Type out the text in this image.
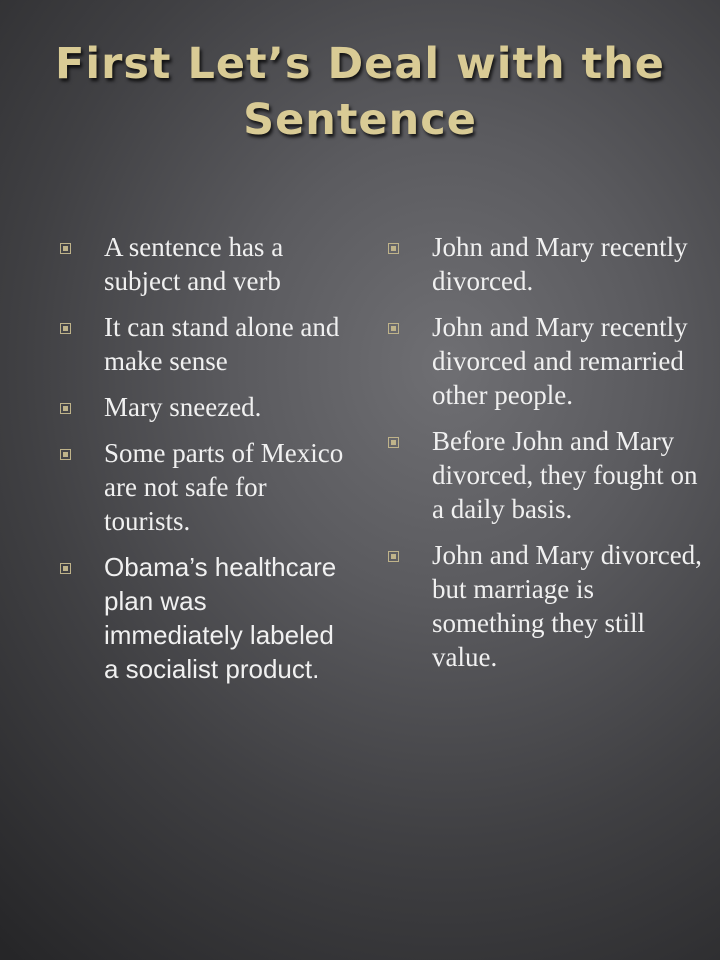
First Let’s Deal with the
Sentence
A sentence has a subject and verb
It can stand alone and make sense
Mary sneezed.
Some parts of Mexico are not safe for tourists.
Obama’s healthcare plan was immediately labeled a socialist product.
John and Mary recently divorced.
John and Mary recently divorced and remarried other people.
Before John and Mary divorced, they fought on a daily basis.
John and Mary divorced, but marriage is something they still value.
